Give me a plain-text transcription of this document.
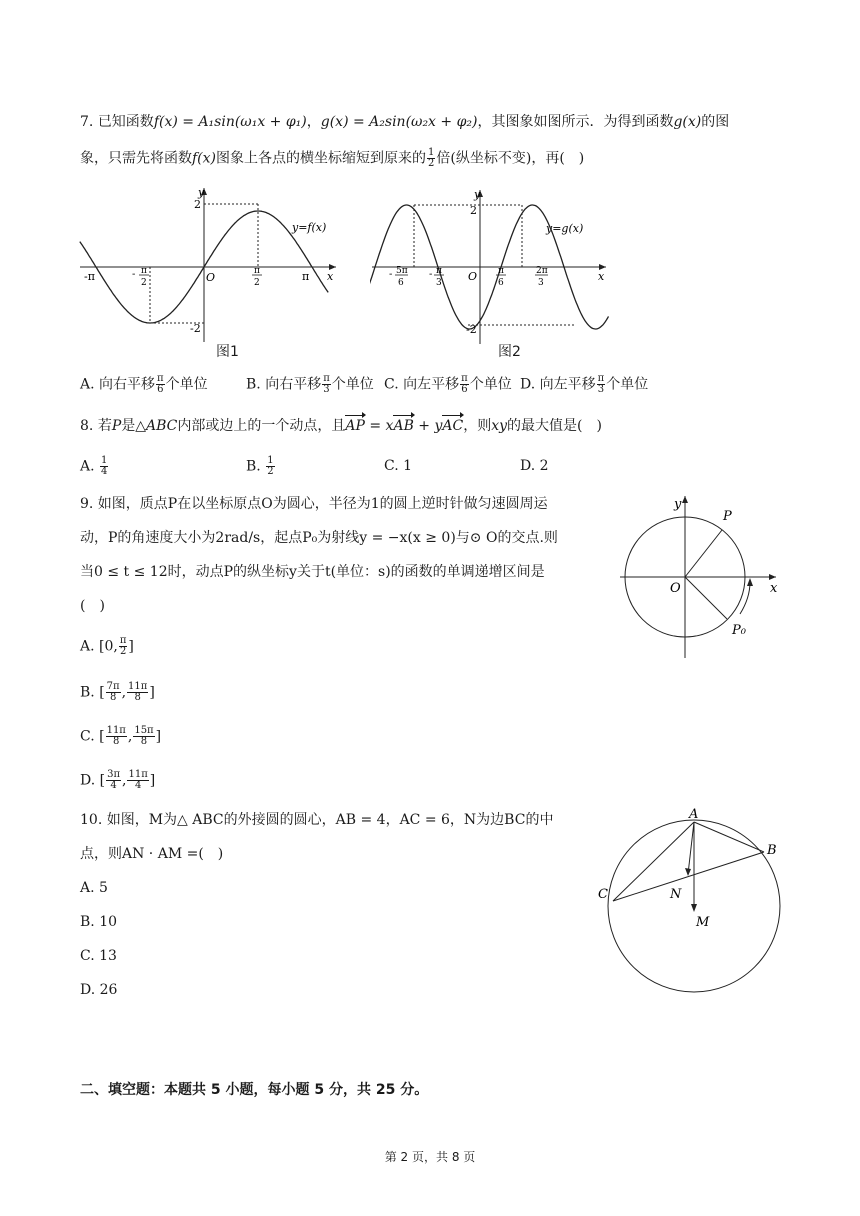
7. 已知函数f(x) = A₁sin(ω₁x + φ₁)，g(x) = A₂sin(ω₂x + φ₂)，其图象如图所示．为得到函数g(x)的图
象，只需先将函数f(x)图象上各点的横坐标缩短到原来的 $\frac{1}{2}$ 倍(纵坐标不变)，再(　)
y
x
O
2
-2
y=f(x)
-π	- π
2
π
2	π
图1
y
x
O
2
-2
y=g(x)
- 5π
6
- π
3
π
6
2π
3
图2
A. 向右平移 $\frac{\pi}{6}$ 个单位	B. 向右平移 $\frac{\pi}{3}$ 个单位 C. 向左平移 $\frac{\pi}{6}$ 个单位 D. 向左平移 $\frac{\pi}{3}$ 个单位
8. 若P是△ABC内部或边上的一个动点，且AP = xAB + yAC，则xy的最大值是(　)
A. $\frac{1}{4}$	B. $\frac{1}{2}$	C. 1	D. 2
9. 如图，质点P在以坐标原点O为圆心，半径为1的圆上逆时针做匀速圆周运
动，P的角速度大小为2rad/s，起点P₀为射线y = −x(x ≥ 0)与⊙ O的交点.则
当0 ≤ t ≤ 12时，动点P的纵坐标y关于t(单位：s)的函数的单调递增区间是
(　)
A. [0, $\frac{\pi}{2}$ ]
B. [ $\frac{7\pi}{8}$ , $\frac{11\pi}{8}$ ]
C. [ $\frac{11\pi}{8}$ , $\frac{15\pi}{8}$ ]
D. [ $\frac{3\pi}{4}$ , $\frac{11\pi}{4}$ ]
y
x
O
P
P₀
10. 如图，M为△ ABC的外接圆的圆心，AB = 4，AC = 6，N为边BC的中
点，则AN · AM =(　)
A. 5
B. 10
C. 13
D. 26
A
B
C	N
M
二、填空题：本题共 5 小题，每小题 5 分，共 25 分。
第 2 页，共 8 页
